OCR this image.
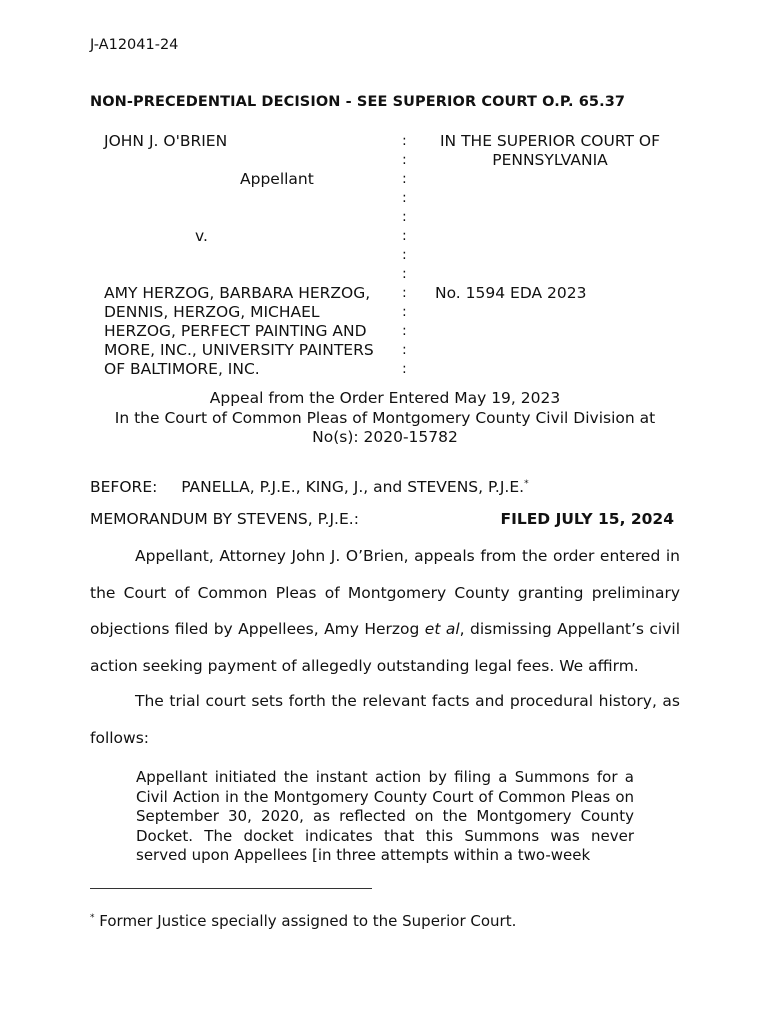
J-A12041-24
NON-PRECEDENTIAL DECISION - SEE SUPERIOR COURT O.P. 65.37
JOHN J. O'BRIEN
Appellant
v.
AMY HERZOG, BARBARA HERZOG,
DENNIS, HERZOG, MICHAEL
HERZOG, PERFECT PAINTING AND
MORE, INC., UNIVERSITY PAINTERS
OF BALTIMORE, INC.
:
:
:
:
:
:
:
:
:
:
:
:
:
IN THE SUPERIOR COURT OF
PENNSYLVANIA
No. 1594 EDA 2023
Appeal from the Order Entered May 19, 2023
In the Court of Common Pleas of Montgomery County Civil Division at
No(s): 2020-15782
BEFORE: PANELLA, P.J.E., KING, J., and STEVENS, P.J.E.*
MEMORANDUM BY STEVENS, P.J.E.:	FILED JULY 15, 2024
Appellant, Attorney John J. O’Brien, appeals from the order entered in the Court of Common Pleas of Montgomery County granting preliminary objections filed by Appellees, Amy Herzog et al, dismissing Appellant’s civil action seeking payment of allegedly outstanding legal fees. We affirm.
The trial court sets forth the relevant facts and procedural history, as follows:
Appellant initiated the instant action by filing a Summons for a Civil Action in the Montgomery County Court of Common Pleas on September 30, 2020, as reflected on the Montgomery County Docket. The docket indicates that this Summons was never served upon Appellees [in three attempts within a two-week
* Former Justice specially assigned to the Superior Court.
